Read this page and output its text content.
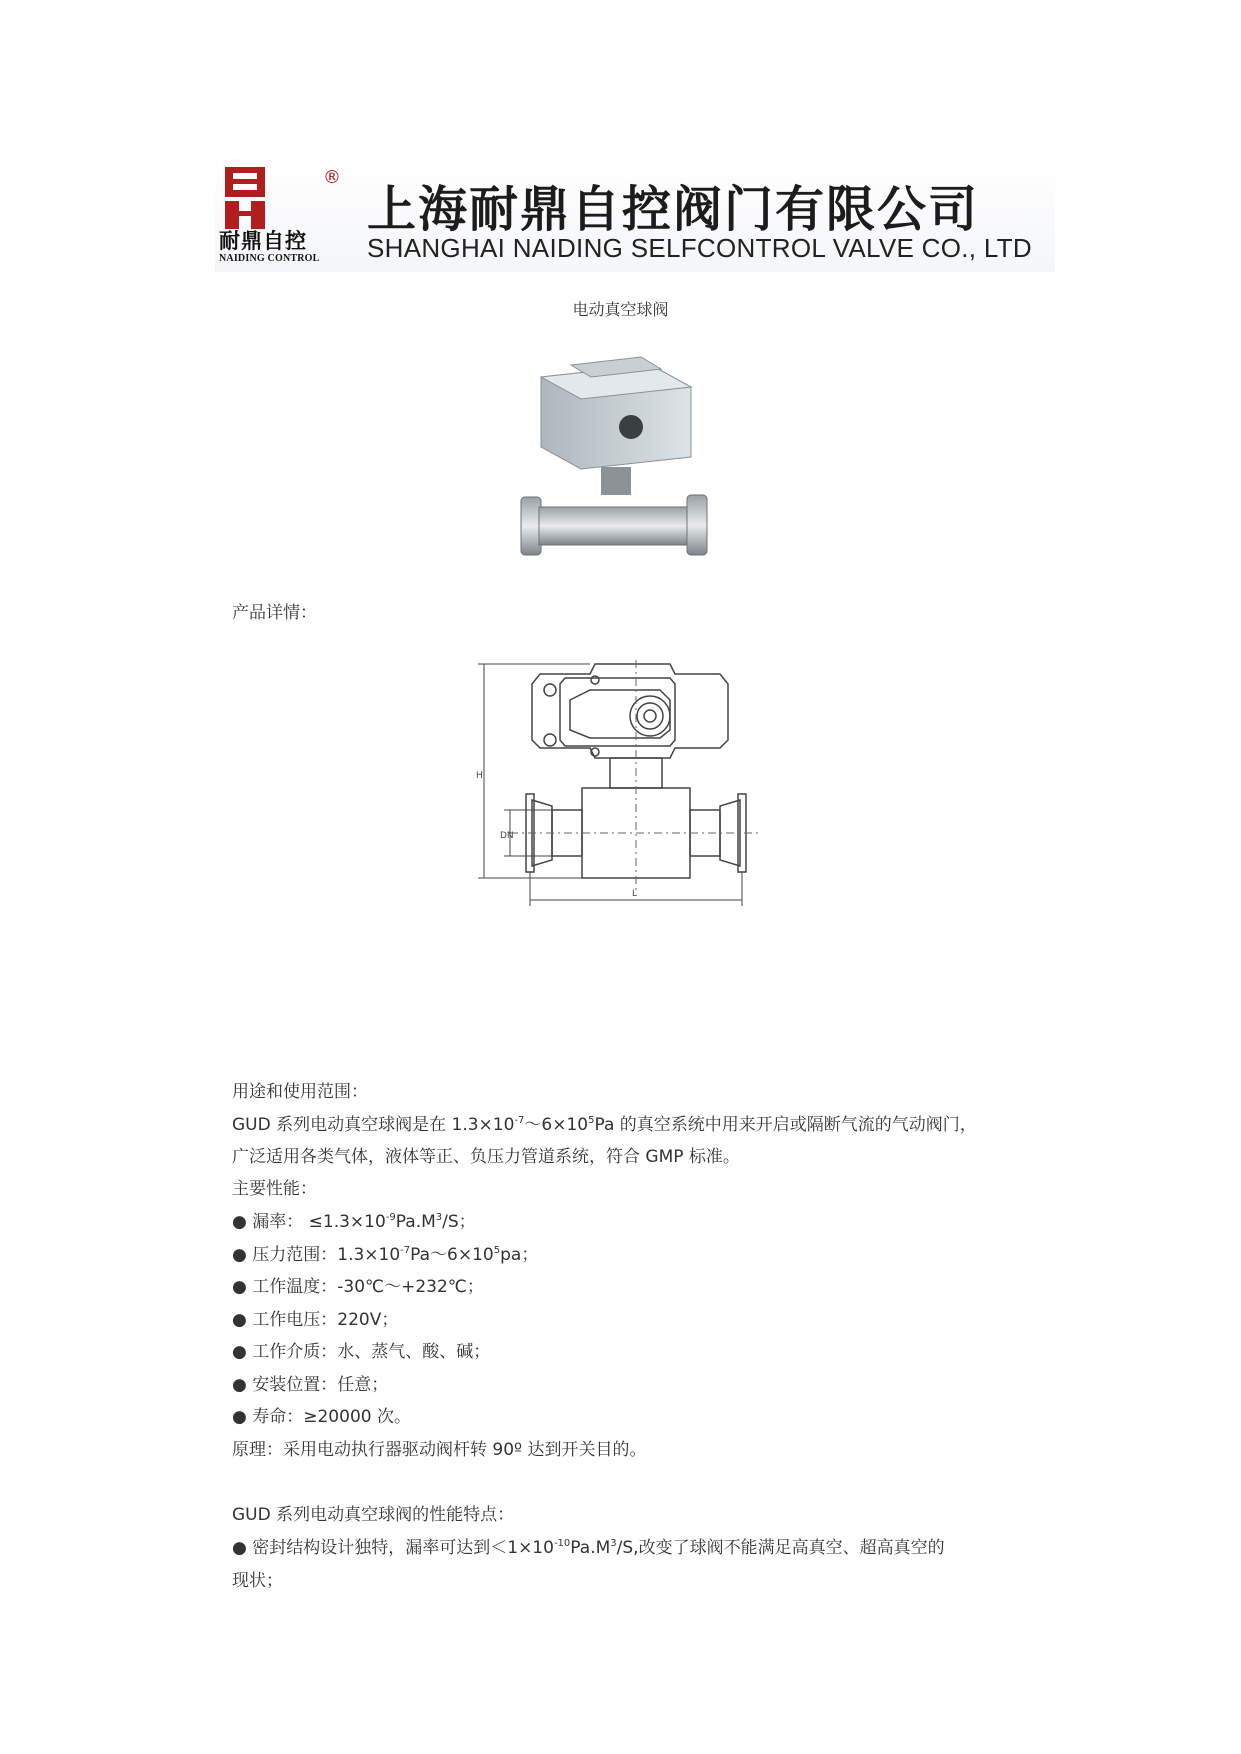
®
耐鼎自控
NAIDING CONTROL
上海耐鼎自控阀门有限公司
SHANGHAI NAIDING SELFCONTROL VALVE CO., LTD
电动真空球阀
产品详情：
H
DN
L
用途和使用范围：
GUD 系列电动真空球阀是在 $1.3\times 10^{-7}\sim 6\times 10^5Pa$ 的真空系统中用来开启或隔断气流的气动阀门，
广泛适用各类气体，液体等正、负压力管道系统，符合 GMP 标准。
主要性能：
● 漏率： $\le 1.3\times 10^{-9}Pa.M^3/S$；
● 压力范围：$1.3\times 10^{-7}Pa\sim 6\times 10^5pa$；
● 工作温度：-30℃～+232℃；
● 工作电压：220V；
● 工作介质：水、蒸气、酸、碱；
● 安装位置：任意；
● 寿命：≥20000 次。
原理：采用电动执行器驱动阀杆转 90º 达到开关目的。
GUD 系列电动真空球阀的性能特点：
● 密封结构设计独特，漏率可达到$<1\times 10^{-10}Pa.M^3/S$,改变了球阀不能满足高真空、超高真空的
现状；
